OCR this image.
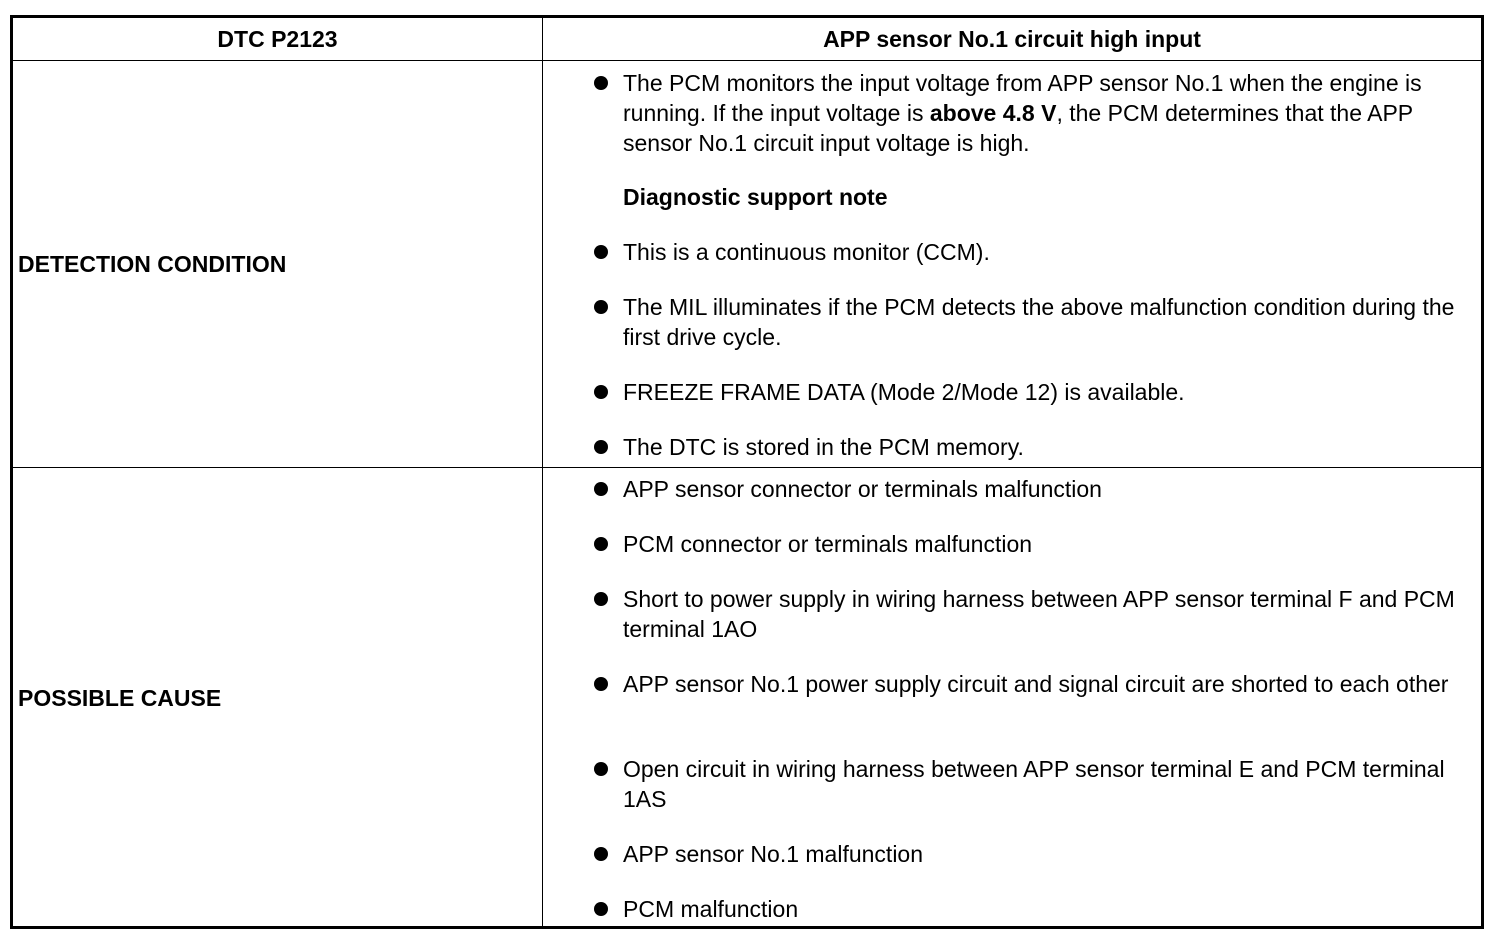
DTC P2123	APP sensor No.1 circuit high input
DETECTION CONDITION
The PCM monitors the input voltage from APP sensor No.1 when the engine is running. If the input voltage is above 4.8 V, the PCM determines that the APP sensor No.1 circuit input voltage is high.
Diagnostic support note
This is a continuous monitor (CCM).
The MIL illuminates if the PCM detects the above malfunction condition during the first drive cycle.
FREEZE FRAME DATA (Mode 2/Mode 12) is available.
The DTC is stored in the PCM memory.
POSSIBLE CAUSE
APP sensor connector or terminals malfunction
PCM connector or terminals malfunction
Short to power supply in wiring harness between APP sensor terminal F and PCM terminal 1AO
APP sensor No.1 power supply circuit and signal circuit are shorted to each other
Open circuit in wiring harness between APP sensor terminal E and PCM terminal 1AS
APP sensor No.1 malfunction
PCM malfunction
